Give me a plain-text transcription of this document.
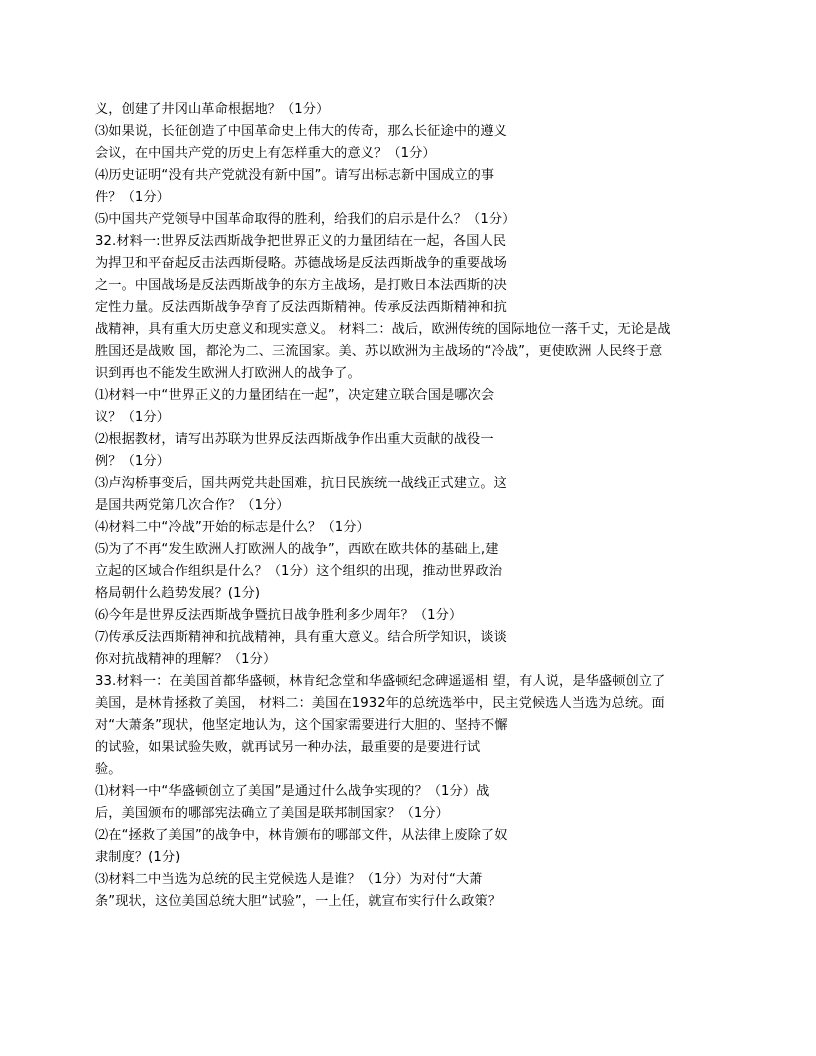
义，创建了井冈山革命根据地？（1分）

⑶如果说，长征创造了中国革命史上伟大的传奇，那么长征途中的遵义

会议，在中国共产党的历史上有怎样重大的意义？（1分）

⑷历史证明“没有共产党就没有新中国”。请写出标志新中国成立的事

件？（1分）

⑸中国共产党领导中国革命取得的胜利，给我们的启示是什么？（1分）

32.材料一:世界反法西斯战争把世界正义的力量团结在一起，各国人民

为捍卫和平奋起反击法西斯侵略。苏德战场是反法西斯战争的重要战场

之一。中国战场是反法西斯战争的东方主战场，是打败日本法西斯的决

定性力量。反法西斯战争孕育了反法西斯精神。传承反法西斯精神和抗

战精神，具有重大历史意义和现实意义。 材料二：战后，欧洲传统的国际地位一落千丈，无论是战

胜国还是战败 国，都沦为二、三流国家。美、苏以欧洲为主战场的“冷战”，更使欧洲 人民终于意

识到再也不能发生欧洲人打欧洲人的战争了。

⑴材料一中“世界正义的力量团结在一起”，决定建立联合国是哪次会

议？（1分）

⑵根据教材，请写出苏联为世界反法西斯战争作出重大贡献的战役一

例？（1分）

⑶卢沟桥事变后，国共两党共赴国难，抗日民族统一战线正式建立。这

是国共两党第几次合作？（1分）

⑷材料二中“冷战”开始的标志是什么？（1分）

⑸为了不再“发生欧洲人打欧洲人的战争”，西欧在欧共体的基础上,建

立起的区域合作组织是什么？（1分）这个组织的出现，推动世界政治

格局朝什么趋势发展？(1分)

⑹今年是世界反法西斯战争暨抗日战争胜利多少周年？（1分）

⑺传承反法西斯精神和抗战精神，具有重大意义。结合所学知识，谈谈

你对抗战精神的理解？（1分）

33.材料一：在美国首都华盛顿，林肯纪念堂和华盛顿纪念碑遥遥相 望，有人说，是华盛顿创立了

美国，是林肯拯救了美国， 材料二：美国在1932年的总统选举中，民主党候选人当选为总统。面

对“大萧条”现状，他坚定地认为，这个国家需要进行大胆的、坚持不懈

的试验，如果试验失败，就再试另一种办法，最重要的是要进行试

验。

⑴材料一中“华盛顿创立了美国”是通过什么战争实现的？（1分）战

后，美国颁布的哪部宪法确立了美国是联邦制国家？（1分）

⑵在“拯救了美国”的战争中，林肯颁布的哪部文件，从法律上废除了奴

隶制度？(1分)

⑶材料二中当选为总统的民主党候选人是谁？（1分）为对付“大萧

条”现状，这位美国总统大胆“试验”，一上任，就宣布实行什么政策？
